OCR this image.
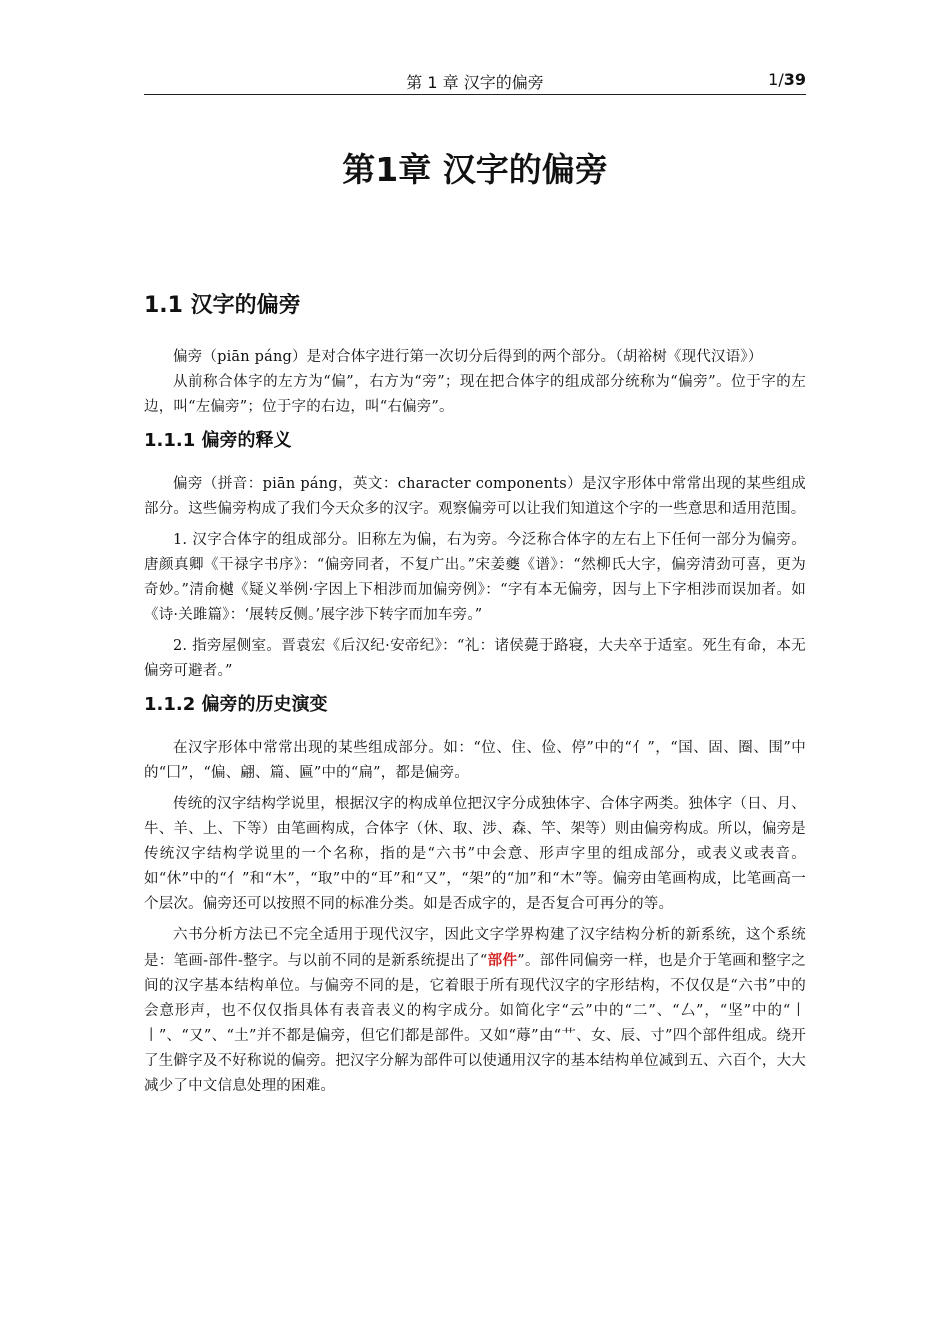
第 1 章 汉字的偏旁	1/39
第1章 汉字的偏旁
1.1 汉字的偏旁

偏旁（piān páng）是对合体字进行第一次切分后得到的两个部分。（胡裕树《现代汉语》）

从前称合体字的左方为“偏”，右方为“旁”；现在把合体字的组成部分统称为“偏旁”。位于字的左边，叫“左偏旁”；位于字的右边，叫“右偏旁”。

1.1.1 偏旁的释义

偏旁（拼音：piān páng，英文：character components）是汉字形体中常常出现的某些组成部分。这些偏旁构成了我们今天众多的汉字。观察偏旁可以让我们知道这个字的一些意思和适用范围。

1. 汉字合体字的组成部分。旧称左为偏，右为旁。今泛称合体字的左右上下任何一部分为偏旁。唐颜真卿《干禄字书序》：“偏旁同者，不复广出。”宋姜夔《谱》：“然柳氏大字，偏旁清劲可喜，更为奇妙。”清俞樾《疑义举例·字因上下相涉而加偏旁例》：“字有本无偏旁，因与上下字相涉而误加者。如《诗·关雎篇》：‘展转反侧。’展字涉下转字而加车旁。”

2. 指旁屋侧室。晋袁宏《后汉纪·安帝纪》：“礼：诸侯薨于路寝，大夫卒于适室。死生有命，本无偏旁可避者。”

1.1.2 偏旁的历史演变

在汉字形体中常常出现的某些组成部分。如：“位、住、俭、停”中的“亻”，“国、固、圈、围”中的“囗”，“偏、翩、篇、匾”中的“扁”，都是偏旁。

传统的汉字结构学说里，根据汉字的构成单位把汉字分成独体字、合体字两类。独体字（日、月、牛、羊、上、下等）由笔画构成，合体字（休、取、涉、森、竿、架等）则由偏旁构成。所以，偏旁是传统汉字结构学说里的一个名称，指的是“六书”中会意、形声字里的组成部分，或表义或表音。如“休”中的“亻”和“木”，“取”中的“耳”和“又”，“架”的“加”和“木”等。偏旁由笔画构成，比笔画高一个层次。偏旁还可以按照不同的标准分类。如是否成字的，是否复合可再分的等。

六书分析方法已不完全适用于现代汉字，因此文字学界构建了汉字结构分析的新系统，这个系统是：笔画-部件-整字。与以前不同的是新系统提出了“部件”。部件同偏旁一样，也是介于笔画和整字之间的汉字基本结构单位。与偏旁不同的是，它着眼于所有现代汉字的字形结构，不仅仅是“六书”中的会意形声，也不仅仅指具体有表音表义的构字成分。如简化字“云”中的“二”、“厶”，“坚”中的“丨丨”、“又”、“土”并不都是偏旁，但它们都是部件。又如“蓐”由“艹、女、辰、寸”四个部件组成。绕开了生僻字及不好称说的偏旁。把汉字分解为部件可以使通用汉字的基本结构单位减到五、六百个，大大减少了中文信息处理的困难。
